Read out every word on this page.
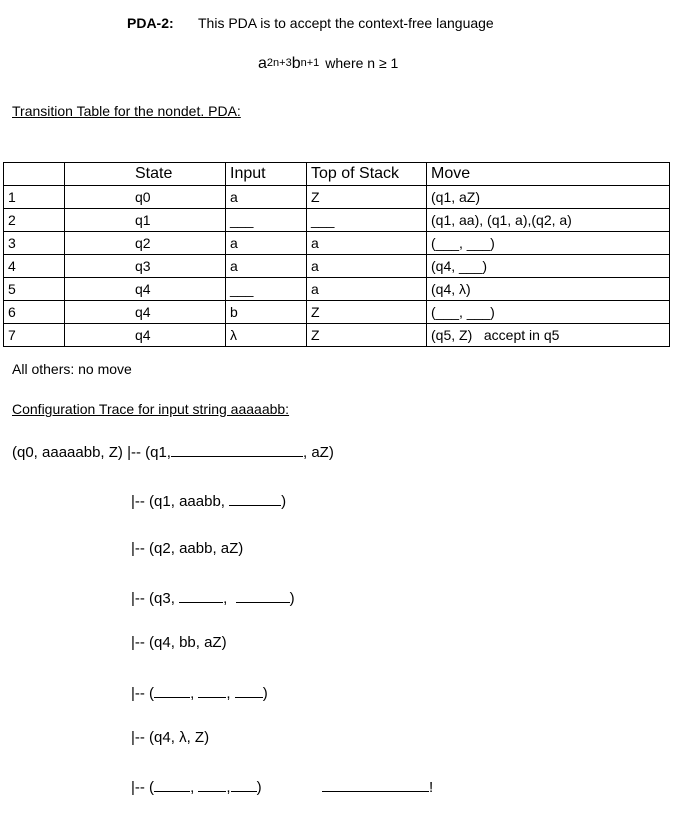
PDA-2: This PDA is to accept the context-free language
$a^{2n+3}b^{n+1}$ where n ≥ 1
Transition Table for the nondet. PDA:
	State	Input	Top of Stack	Move
1	q0	a	Z	(q1, aZ)
2	q1	___	___	(q1, aa), (q1, a),(q2, a)
3	q2	a	a	(___, ___)
4	q3	a	a	(q4, ___)
5	q4	___	a	(q4, λ)
6	q4	b	Z	(___, ___)
7	q4	λ	Z	(q5, Z)   accept in q5
All others: no move
Configuration Trace for input string aaaaabb:
(q0, aaaaabb, Z) |-- (q1,	, aZ)
|-- (q1, aaabb,	)
|-- (q2, aabb, aZ)
|-- (q3,	,	)
|-- (q4, bb, aZ)
|-- ( , , )
|-- (q4, λ, Z)
|-- ( , , )	!
